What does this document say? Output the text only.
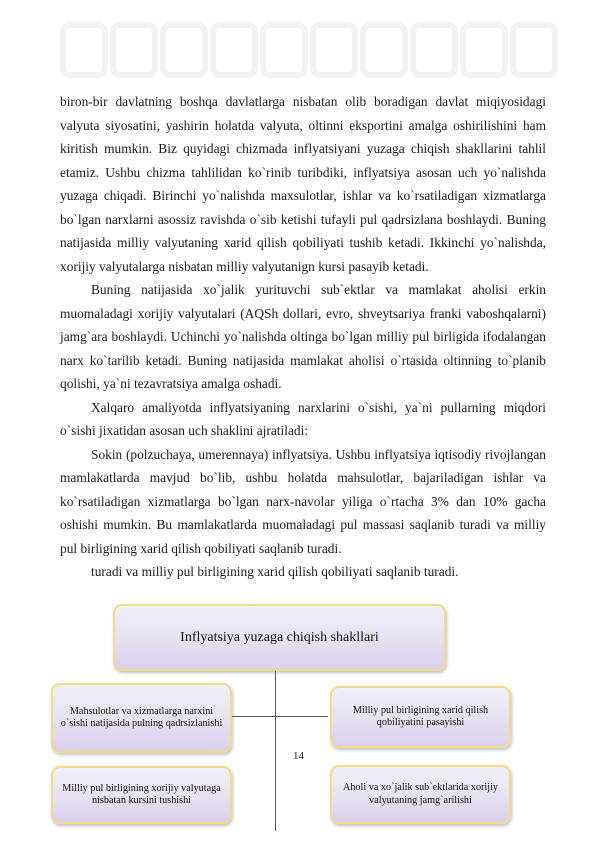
biron-bir davlatning boshqa davlatlarga nisbatan olib boradigan davlat miqiyosidagi valyuta siyosatini, yashirin holatda valyuta, oltinni eksportini amalga oshirilishini ham kiritish mumkin. Biz quyidagi chizmada inflyatsiyani yuzaga chiqish shakllarini tahlil etamiz. Ushbu chizma tahlilidan ko`rinib turibdiki, inflyatsiya asosan uch yo`nalishda yuzaga chiqadi. Birinchi yo`nalishda maxsulotlar, ishlar va ko`rsatiladigan xizmatlarga bo`lgan narxlarni asossiz ravishda o`sib ketishi tufayli pul qadrsizlana boshlaydi. Buning natijasida milliy valyutaning xarid qilish qobiliyati tushib ketadi. Ikkinchi yo`nalishda, xorijiy valyutalarga nisbatan milliy valyutanign kursi pasayib ketadi.

Buning natijasida xo`jalik yurituvchi sub`ektlar va mamlakat aholisi erkin muomaladagi xorijiy valyutalari (AQSh dollari, evro, shveytsariya franki vaboshqalarni) jamg`ara boshlaydi. Uchinchi yo`nalishda oltinga bo`lgan milliy pul birligida ifodalangan narx ko`tarilib ketadi. Buning natijasida mamlakat aholisi o`rtasida oltinning to`planib qolishi, ya`ni tezavratsiya amalga oshadi.

Xalqaro amaliyotda inflyatsiyaning narxlarini o`sishi, ya`ni pullarning miqdori o`sishi jixatidan asosan uch shaklini ajratiladi:

Sokin (polzuchaya, umerennaya) inflyatsiya. Ushbu inflyatsiya iqtisodiy rivojlangan mamlakatlarda mavjud bo`lib, ushbu holatda mahsulotlar, bajariladigan ishlar va ko`rsatiladigan xizmatlarga bo`lgan narx-navolar yiliga o`rtacha 3% dan 10% gacha oshishi mumkin. Bu mamlakatlarda muomaladagi pul massasi saqlanib turadi va milliy pul birligining xarid qilish qobiliyati saqlanib turadi.

turadi va milliy pul birligining xarid qilish qobiliyati saqlanib turadi.

Inflyatsiya yuzaga chiqish shakllari
Mahsulotlar va xizmatlarga narxini o`sishi natijasida pulning qadrsizlanishi
Milliy pul birligining xarid qilish qobiliyatini pasayishi
Milliy pul birligining xorijiy valyutaga nisbatan kursini tushishi
Aholi va xo`jalik sub`ektlarida xorijiy valyutaning jamg`arilishi
14
